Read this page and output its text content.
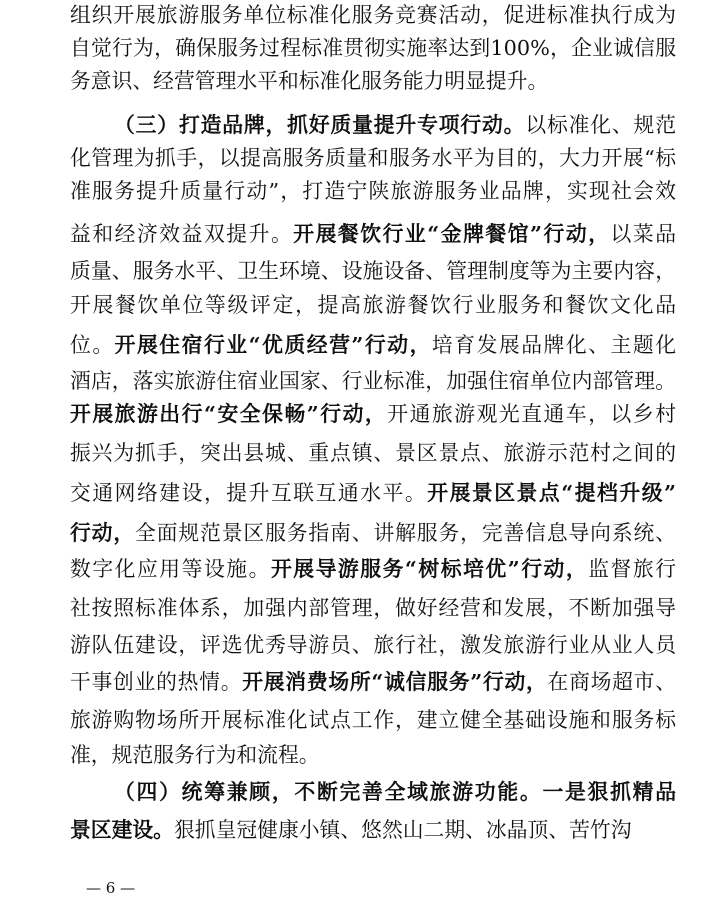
组织开展旅游服务单位标准化服务竞赛活动，促进标准执行成为
自觉行为，确保服务过程标准贯彻实施率达到100%，企业诚信服
务意识、经营管理水平和标准化服务能力明显提升。
（三）打造品牌，抓好质量提升专项行动。以标准化、规范
化管理为抓手，以提高服务质量和服务水平为目的，大力开展“标
准服务提升质量行动”，打造宁陕旅游服务业品牌，实现社会效
益和经济效益双提升。开展餐饮行业“金牌餐馆”行动，以菜品
质量、服务水平、卫生环境、设施设备、管理制度等为主要内容，
开展餐饮单位等级评定，提高旅游餐饮行业服务和餐饮文化品
位。开展住宿行业“优质经营”行动，培育发展品牌化、主题化
酒店，落实旅游住宿业国家、行业标准，加强住宿单位内部管理。
开展旅游出行“安全保畅”行动，开通旅游观光直通车，以乡村
振兴为抓手，突出县城、重点镇、景区景点、旅游示范村之间的
交通网络建设，提升互联互通水平。开展景区景点“提档升级”
行动，全面规范景区服务指南、讲解服务，完善信息导向系统、
数字化应用等设施。开展导游服务“树标培优”行动，监督旅行
社按照标准体系，加强内部管理，做好经营和发展，不断加强导
游队伍建设，评选优秀导游员、旅行社，激发旅游行业从业人员
干事创业的热情。开展消费场所“诚信服务”行动，在商场超市、
旅游购物场所开展标准化试点工作，建立健全基础设施和服务标
准，规范服务行为和流程。
（四）统筹兼顾，不断完善全域旅游功能。一是狠抓精品
景区建设。狠抓皇冠健康小镇、悠然山二期、冰晶顶、苦竹沟
— 6 —
